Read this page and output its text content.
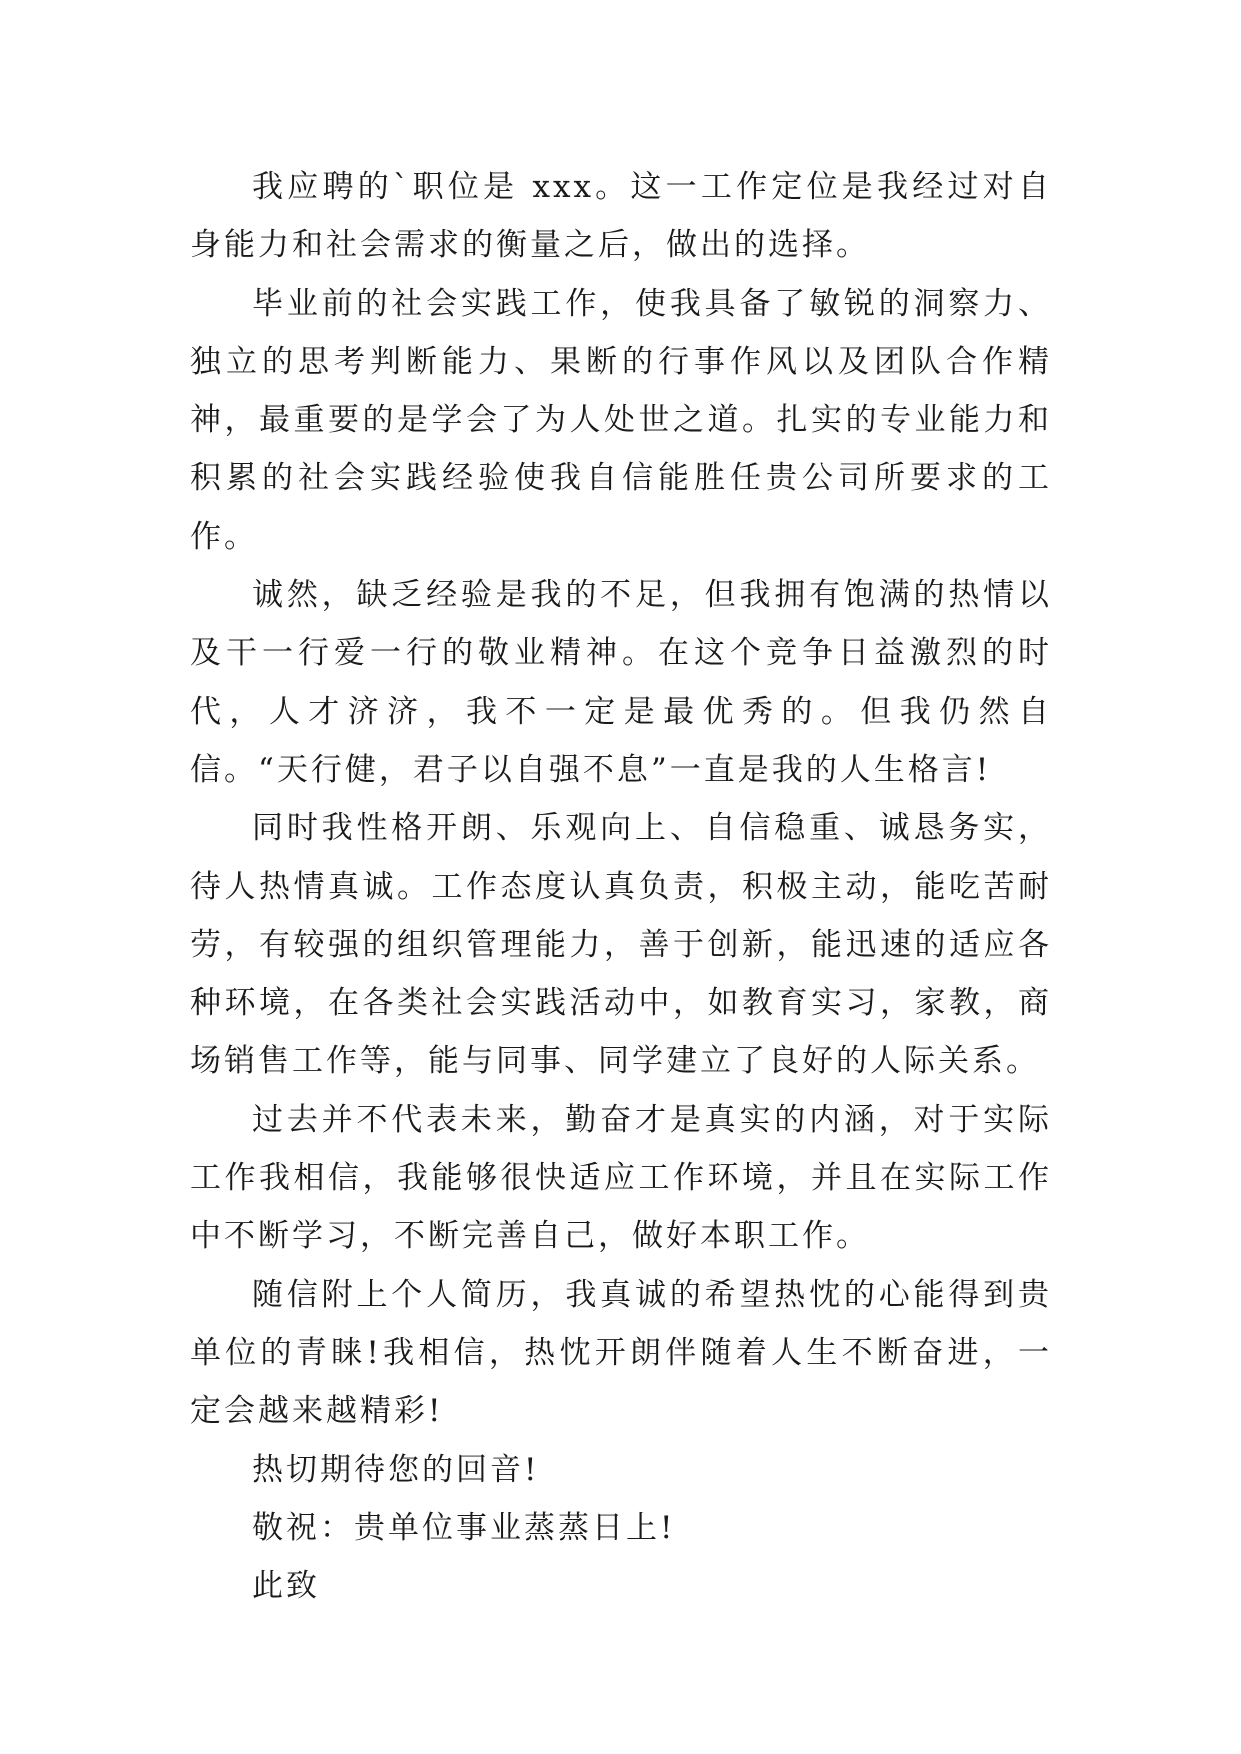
我应聘的`职位是 xxx。这一工作定位是我经过对自身能力和社会需求的衡量之后，做出的选择。

毕业前的社会实践工作，使我具备了敏锐的洞察力、独立的思考判断能力、果断的行事作风以及团队合作精神，最重要的是学会了为人处世之道。扎实的专业能力和积累的社会实践经验使我自信能胜任贵公司所要求的工作。

诚然，缺乏经验是我的不足，但我拥有饱满的热情以及干一行爱一行的敬业精神。在这个竞争日益激烈的时代，人才济济，我不一定是最优秀的。但我仍然自信。“天行健，君子以自强不息”一直是我的人生格言!

同时我性格开朗、乐观向上、自信稳重、诚恳务实，待人热情真诚。工作态度认真负责，积极主动，能吃苦耐劳，有较强的组织管理能力，善于创新，能迅速的适应各种环境，在各类社会实践活动中，如教育实习，家教，商场销售工作等，能与同事、同学建立了良好的人际关系。

过去并不代表未来，勤奋才是真实的内涵，对于实际工作我相信，我能够很快适应工作环境，并且在实际工作中不断学习，不断完善自己，做好本职工作。

随信附上个人简历，我真诚的希望热忱的心能得到贵单位的青睐!我相信，热忱开朗伴随着人生不断奋进，一定会越来越精彩!

热切期待您的回音!

敬祝：贵单位事业蒸蒸日上!

此致
